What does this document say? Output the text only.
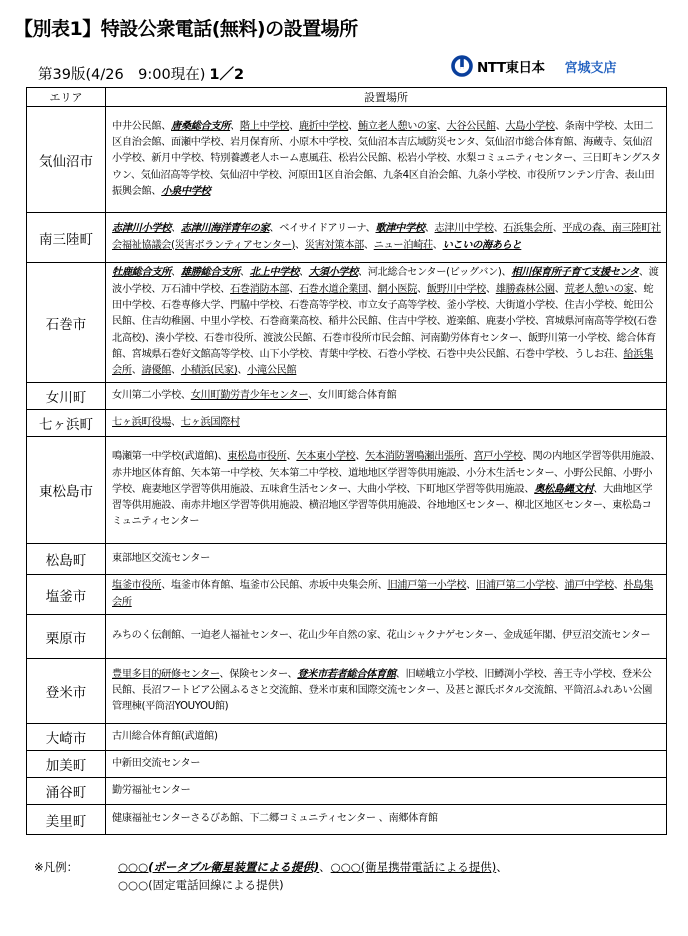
【別表1】特設公衆電話(無料)の設置場所
第39版(4/26　9:00現在) 1／2	NTT東日本 宮城支店
エリア	設置場所
気仙沼市	中井公民館、唐桑総合支所、階上中学校、鹿折中学校、鮪立老人憩いの家、大谷公民館、大島小学校、条南中学校、太田二区自治会館、面瀬中学校、岩月保育所、小原木中学校、気仙沼本吉広域防災センタ、気仙沼市総合体育館、海蔵寺、気仙沼小学校、新月中学校、特別養護老人ホーム恵風荘、松岩公民館、松岩小学校、水梨コミュニティセンター、三日町キングスタウン、気仙沼高等学校、気仙沼中学校、河原田1区自治会館、九条4区自治会館、九条小学校、市役所ワンテン庁舎、表山田振興会館、小泉中学校
南三陸町	志津川小学校、志津川海洋青年の家、ベイサイドアリーナ、歌津中学校、志津川中学校、石浜集会所、平成の森、南三陸町社会福祉協議会(災害ボランティアセンター)、災害対策本部、ニュー泊崎荘、いこいの海あらと
石巻市	牡鹿総合支所、雄勝総合支所、北上中学校、大須小学校、河北総合センター(ビッグバン)、相川保育所子育て支援センタ、渡波小学校、万石浦中学校、石巻消防本部、石巻水道企業団、網小医院、飯野川中学校、雄勝森林公園、荒老人憩いの家、蛇田中学校、石巻専修大学、門脇中学校、石巻高等学校、市立女子高等学校、釜小学校、大街道小学校、住吉小学校、蛇田公民館、住吉幼稚園、中里小学校、石巻商業高校、稲井公民館、住吉中学校、遊楽館、鹿妻小学校、宮城県河南高等学校(石巻北高校)、湊小学校、石巻市役所、渡波公民館、石巻市役所市民会館、河南勤労体育センター、飯野川第一小学校、総合体育館、宮城県石巻好文館高等学校、山下小学校、青葉中学校、石巻小学校、石巻中央公民館、石巻中学校、うしお荘、給浜集会所、濤優館、小積浜(民家)、小滝公民館
女川町	女川第二小学校、女川町勤労青少年センター、女川町総合体育館
七ヶ浜町	七ヶ浜町役場、七ヶ浜国際村
東松島市	鳴瀬第一中学校(武道館)、東松島市役所、矢本東小学校、矢本消防署鳴瀬出張所、宮戸小学校、関の内地区学習等供用施設、赤井地区体育館、矢本第一中学校、矢本第二中学校、道地地区学習等供用施設、小分木生活センター、小野公民館、小野小学校、鹿妻地区学習等供用施設、五味倉生活センター、大曲小学校、下町地区学習等供用施設、奥松島縄文村、大曲地区学習等供用施設、南赤井地区学習等供用施設、横沼地区学習等供用施設、谷地地区センター、柳北区地区センター、東松島コミュニティセンター
松島町	東部地区交流センター
塩釜市	塩釜市役所、塩釜市体育館、塩釜市公民館、赤坂中央集会所、旧浦戸第一小学校、旧浦戸第二小学校、浦戸中学校、朴島集会所
栗原市	みちのく伝創館、一迫老人福祉センター、花山少年自然の家、花山シャクナゲセンター、金成延年閣、伊豆沼交流センター
登米市	豊里多目的研修センター、保険センター、登米市若者総合体育館、旧嵯峨立小学校、旧鱒渕小学校、善王寺小学校、登米公民館、長沼フートピア公園ふるさと交流館、登米市東和国際交流センター、及甚と源氏ボタル交流館、平筒沼ふれあい公園管理棟(平筒沼YOUYOU館)
大崎市	古川総合体育館(武道館)
加美町	中新田交流センター
涌谷町	勤労福祉センター
美里町	健康福祉センターさるびあ館、下二郷コミュニティセンター 、南郷体育館
※凡例：	○○○(ポータブル衛星装置による提供)、○○○(衛星携帯電話による提供)、
○○○(固定電話回線による提供)
